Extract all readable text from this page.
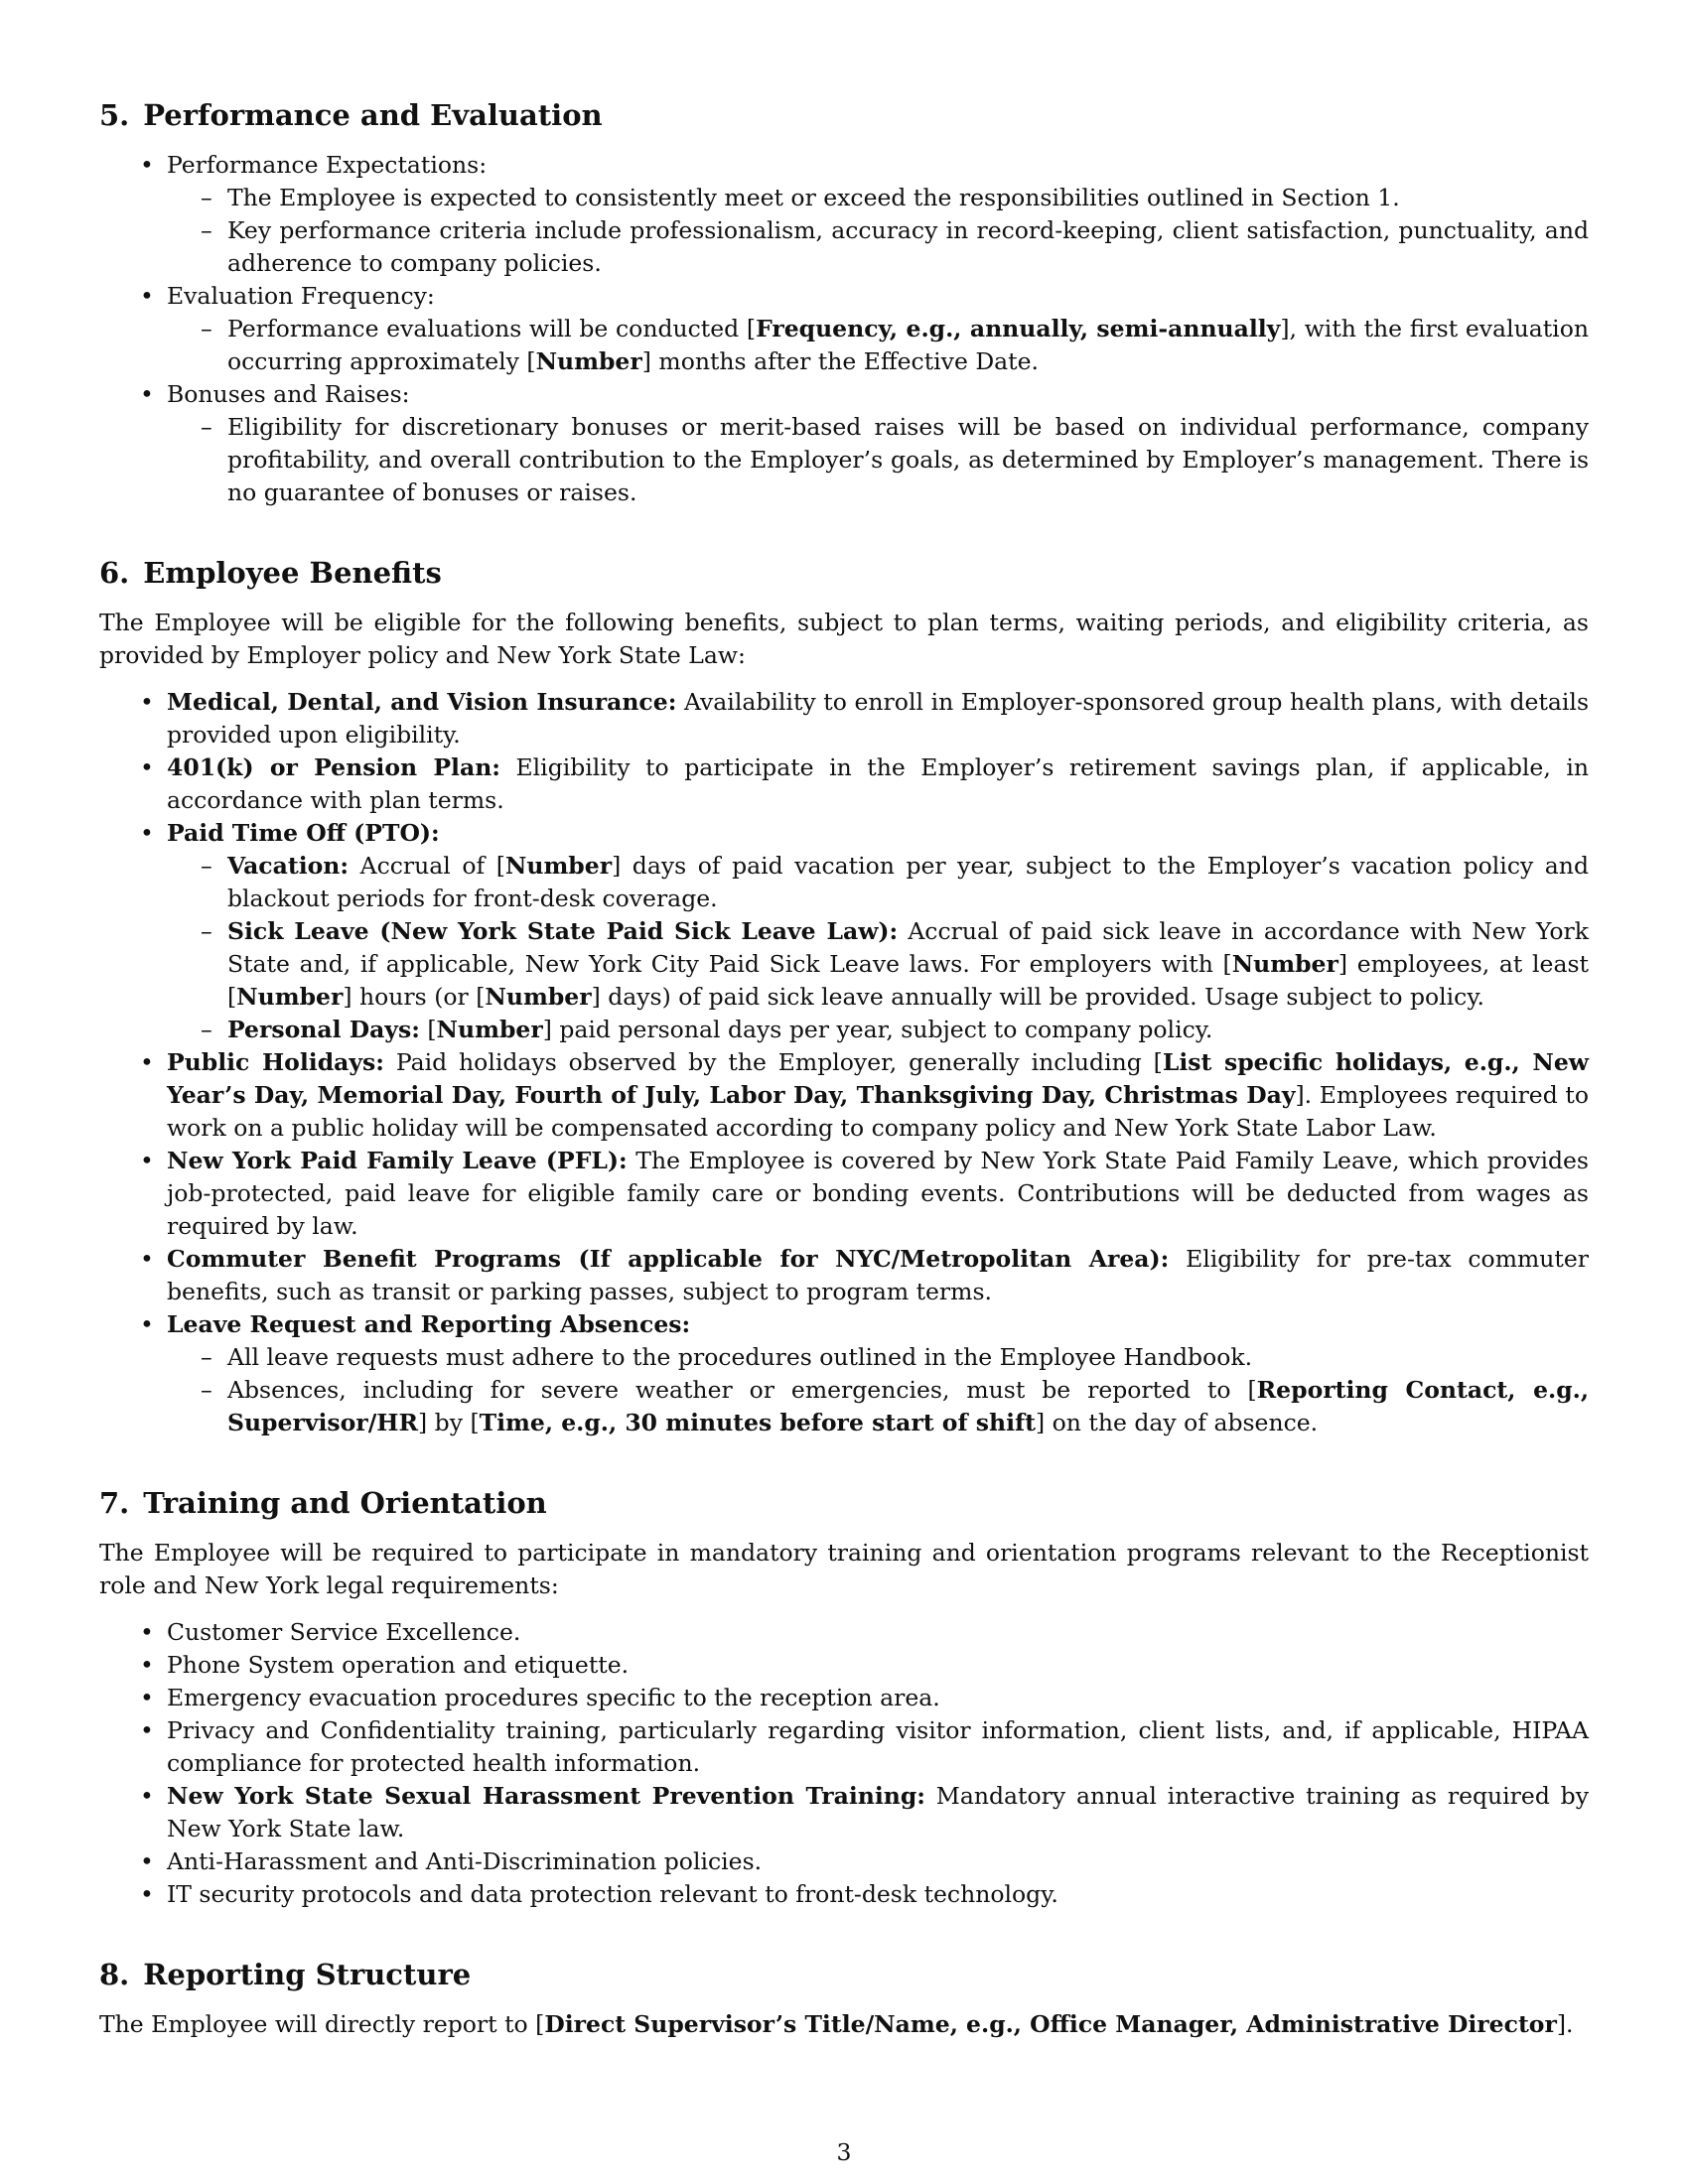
5. Performance and Evaluation
• Performance Expectations:
– The Employee is expected to consistently meet or exceed the responsibilities outlined in Section 1.
– Key performance criteria include professionalism, accuracy in record-keeping, client satisfaction, punctuality, and adherence to company policies.
• Evaluation Frequency:
– Performance evaluations will be conducted [Frequency, e.g., annually, semi-annually], with the first evaluation occurring approximately [Number] months after the Effective Date.
• Bonuses and Raises:
– Eligibility for discretionary bonuses or merit-based raises will be based on individual performance, company profitability, and overall contribution to the Employer’s goals, as determined by Employer’s management. There is no guarantee of bonuses or raises.
6. Employee Benefits

The Employee will be eligible for the following benefits, subject to plan terms, waiting periods, and eligibility criteria, as provided by Employer policy and New York State Law:

• Medical, Dental, and Vision Insurance: Availability to enroll in Employer-sponsored group health plans, with details provided upon eligibility.
• 401(k) or Pension Plan: Eligibility to participate in the Employer’s retirement savings plan, if applicable, in accordance with plan terms.
• Paid Time Off (PTO):
– Vacation: Accrual of [Number] days of paid vacation per year, subject to the Employer’s vacation policy and blackout periods for front-desk coverage.
– Sick Leave (New York State Paid Sick Leave Law): Accrual of paid sick leave in accordance with New York State and, if applicable, New York City Paid Sick Leave laws. For employers with [Number] employees, at least [Number] hours (or [Number] days) of paid sick leave annually will be provided. Usage subject to policy.
– Personal Days: [Number] paid personal days per year, subject to company policy.
• Public Holidays: Paid holidays observed by the Employer, generally including [List specific holidays, e.g., New Year’s Day, Memorial Day, Fourth of July, Labor Day, Thanksgiving Day, Christmas Day]. Employees required to work on a public holiday will be compensated according to company policy and New York State Labor Law.
• New York Paid Family Leave (PFL): The Employee is covered by New York State Paid Family Leave, which provides job-protected, paid leave for eligible family care or bonding events. Contributions will be deducted from wages as required by law.
• Commuter Benefit Programs (If applicable for NYC/Metropolitan Area): Eligibility for pre-tax commuter benefits, such as transit or parking passes, subject to program terms.
• Leave Request and Reporting Absences:
– All leave requests must adhere to the procedures outlined in the Employee Handbook.
– Absences, including for severe weather or emergencies, must be reported to [Reporting Contact, e.g., Supervisor/HR] by [Time, e.g., 30 minutes before start of shift] on the day of absence.
7. Training and Orientation

The Employee will be required to participate in mandatory training and orientation programs relevant to the Receptionist role and New York legal requirements:

• Customer Service Excellence.
• Phone System operation and etiquette.
• Emergency evacuation procedures specific to the reception area.
• Privacy and Confidentiality training, particularly regarding visitor information, client lists, and, if applicable, HIPAA compliance for protected health information.
• New York State Sexual Harassment Prevention Training: Mandatory annual interactive training as required by New York State law.
• Anti-Harassment and Anti-Discrimination policies.
• IT security protocols and data protection relevant to front-desk technology.
8. Reporting Structure

The Employee will directly report to [Direct Supervisor’s Title/Name, e.g., Office Manager, Administrative Director].

3
